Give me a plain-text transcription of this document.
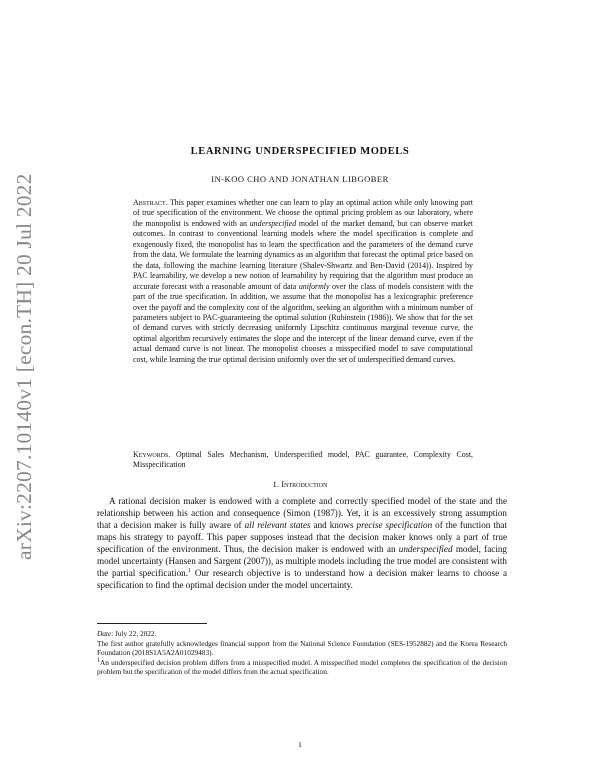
arXiv:2207.10140v1 [econ.TH] 20 Jul 2022
LEARNING UNDERSPECIFIED MODELS
IN-KOO CHO AND JONATHAN LIBGOBER
Abstract. This paper examines whether one can learn to play an optimal action while only knowing part of true specification of the environment. We choose the optimal pricing problem as our laboratory, where the monopolist is endowed with an underspecified model of the market demand, but can observe market outcomes. In contrast to conventional learning models where the model specification is complete and exogenously fixed, the monopolist has to learn the specification and the parameters of the demand curve from the data. We formulate the learning dynamics as an algorithm that forecast the optimal price based on the data, following the machine learning literature (Shalev-Shwartz and Ben-David (2014)). Inspired by PAC learnability, we develop a new notion of learnability by requiring that the algorithm must produce an accurate forecast with a reasonable amount of data uniformly over the class of models consistent with the part of the true specification. In addition, we assume that the monopolist has a lexicographic preference over the payoff and the complexity cost of the algorithm, seeking an algorithm with a minimum number of parameters subject to PAC-guaranteeing the optimal solution (Rubinstein (1986)). We show that for the set of demand curves with strictly decreasing uniformly Lipschitz continuous marginal revenue curve, the optimal algorithm recursively estimates the slope and the intercept of the linear demand curve, even if the actual demand curve is not linear. The monopolist chooses a misspecified model to save computational cost, while learning the true optimal decision uniformly over the set of underspecified demand curves.
Keywords. Optimal Sales Mechanism, Underspecified model, PAC guarantee, Complexity Cost, Misspecification
1. Introduction

A rational decision maker is endowed with a complete and correctly specified model of the state and the relationship between his action and consequence (Simon (1987)). Yet, it is an excessively strong assumption that a decision maker is fully aware of all relevant states and knows precise specification of the function that maps his strategy to payoff. This paper supposes instead that the decision maker knows only a part of true specification of the environment. Thus, the decision maker is endowed with an underspecified model, facing model uncertainty (Hansen and Sargent (2007)), as multiple models including the true model are consistent with the partial specification.$^1$ Our research objective is to understand how a decision maker learns to choose a specification to find the optimal decision under the model uncertainty.

Date: July 22, 2022.

The first author gratefully acknowledges financial support from the National Science Foundation (SES-1952882) and the Korea Research Foundation (2018S1A5A2A01029483).

$^1$An underspecified decision problem differs from a misspecified model. A misspecified model completes the specification of the decision problem but the specification of the model differs from the actual specification.

1
